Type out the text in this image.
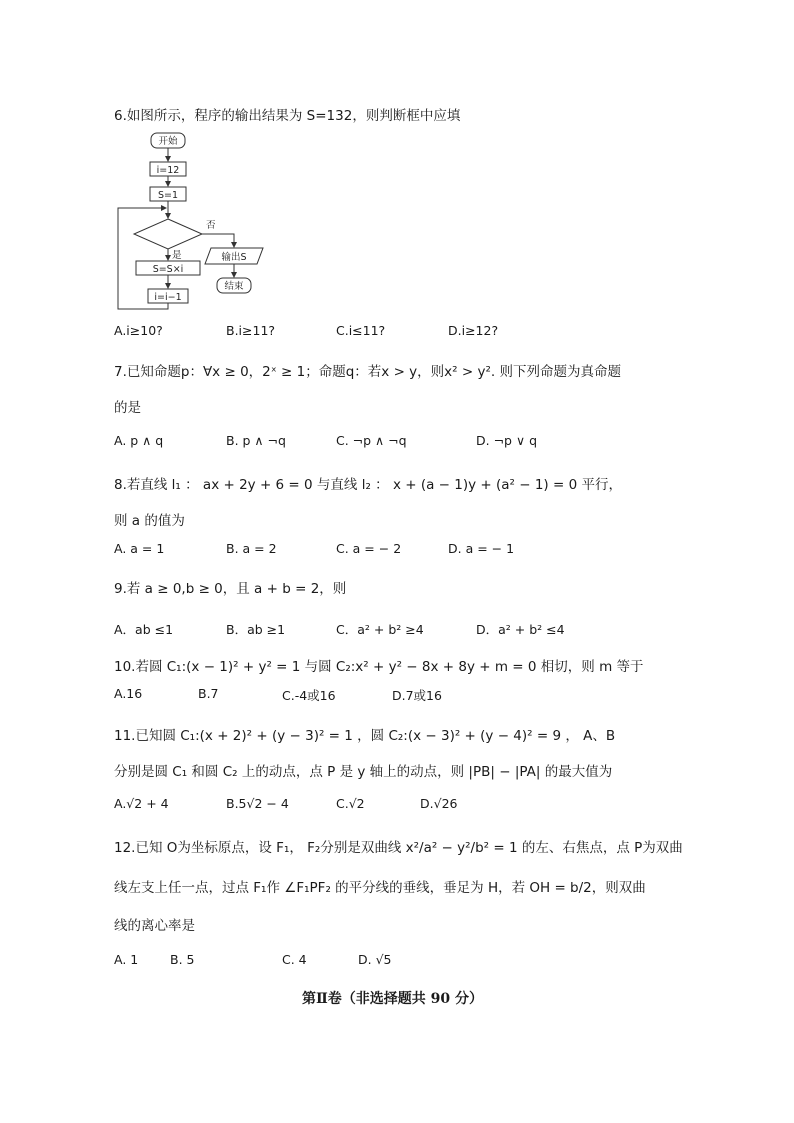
6.如图所示，程序的输出结果为 S=132，则判断框中应填
开始
i=12
S=1
否
是	输出S
S=S×i
i=i−1
结束
A.i≥10?	B.i≥11?	C.i≤11?	D.i≥12?
7.已知命题p：∀x ≥ 0，2ˣ ≥ 1；命题q：若x > y，则x² > y². 则下列命题为真命题
的是
A. p ∧ q	B. p ∧ ¬q	C. ¬p ∧ ¬q	D. ¬p ∨ q
8.若直线 l₁ ： ax + 2y + 6 = 0 与直线 l₂ ： x + (a − 1)y + (a² − 1) = 0 平行，
则 a 的值为
A. a = 1	B. a = 2	C. a = − 2	D. a = − 1
9.若 a ≥ 0,b ≥ 0，且 a + b = 2，则
A．ab ≤1	B．ab ≥1	C．a² + b² ≥4	D．a² + b² ≤4
10.若圆 C₁:(x − 1)² + y² = 1 与圆 C₂:x² + y² − 8x + 8y + m = 0 相切，则 m 等于
A.16	B.7	C.-4或16	D.7或16
11.已知圆 C₁:(x + 2)² + (y − 3)² = 1 ，圆 C₂:(x − 3)² + (y − 4)² = 9 ， A、B
分别是圆 C₁ 和圆 C₂ 上的动点，点 P 是 y 轴上的动点，则 |PB| − |PA| 的最大值为
A.√2 + 4	B.5√2 − 4	C.√2	D.√26
12.已知 O为坐标原点，设 F₁， F₂分别是双曲线 x²/a² − y²/b² = 1 的左、右焦点，点 P为双曲
线左支上任一点，过点 F₁作 ∠F₁PF₂ 的平分线的垂线，垂足为 H，若 OH = b/2，则双曲
线的离心率是
A. 1	B. 5	C. 4	D. √5
第Ⅱ卷（非选择题共 90 分）
